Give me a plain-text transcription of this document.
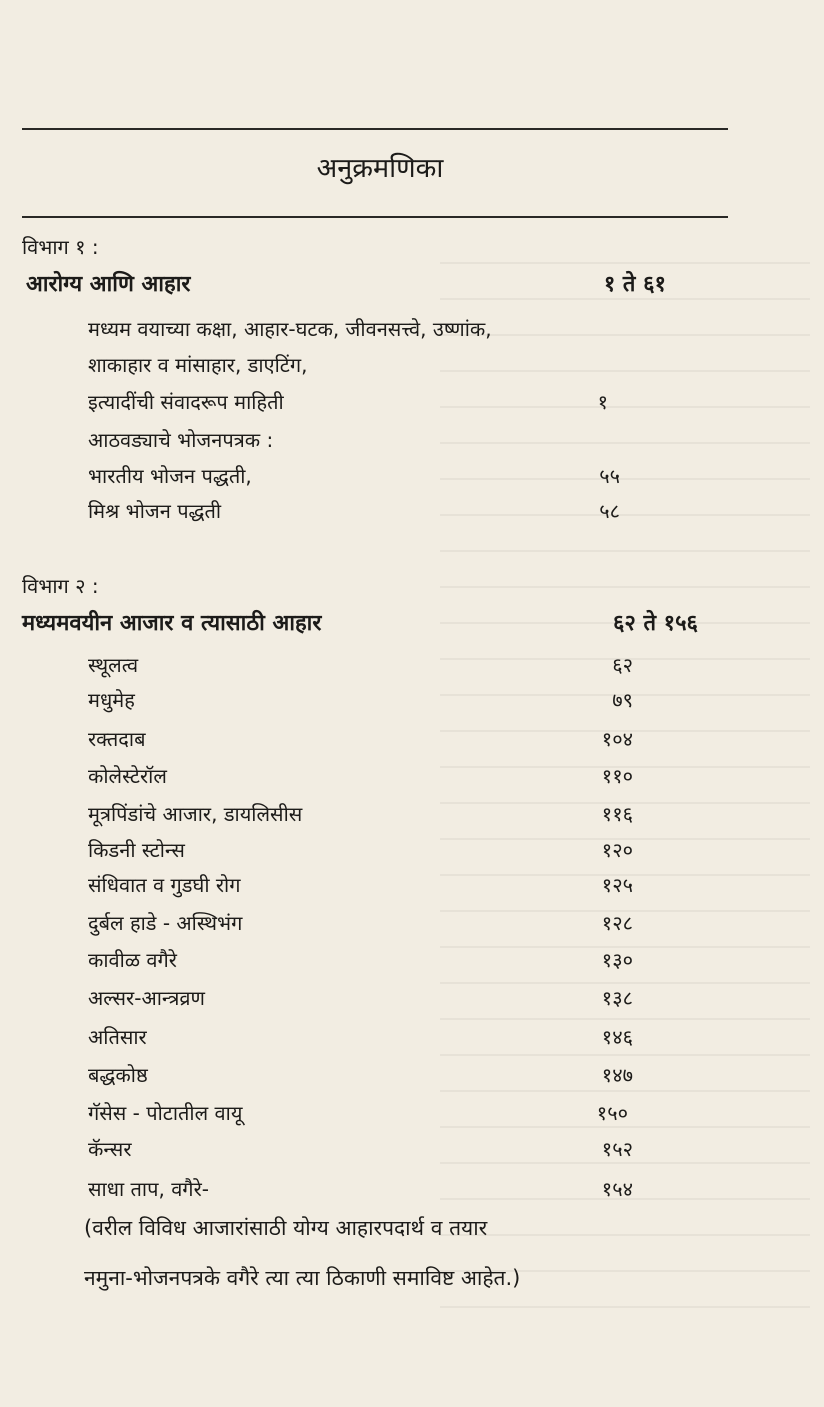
अनुक्रमणिका
विभाग १ :
आरोग्य आणि आहार	१ ते ६१
मध्यम वयाच्या कक्षा, आहार-घटक, जीवनसत्त्वे, उष्णांक,
शाकाहार व मांसाहार, डाएटिंग,
इत्यादींची संवादरूप माहिती	१
आठवड्याचे भोजनपत्रक :
भारतीय भोजन पद्धती,	५५
मिश्र भोजन पद्धती	५८
विभाग २ :
मध्यमवयीन आजार व त्यासाठी आहार	६२ ते १५६
स्थूलत्व	६२
मधुमेह	७९
रक्तदाब	१०४
कोलेस्टेरॉल	११०
मूत्रपिंडांचे आजार, डायलिसीस	११६
किडनी स्टोन्स	१२०
संधिवात व गुडघी रोग	१२५
दुर्बल हाडे - अस्थिभंग	१२८
कावीळ वगैरे	१३०
अल्सर-आन्त्रव्रण	१३८
अतिसार	१४६
बद्धकोष्ठ	१४७
गॅसेस - पोटातील वायू	१५०
कॅन्सर	१५२
साधा ताप, वगैरे-	१५४
(वरील विविध आजारांसाठी योग्य आहारपदार्थ व तयार
नमुना-भोजनपत्रके वगैरे त्या त्या ठिकाणी समाविष्ट आहेत.)
